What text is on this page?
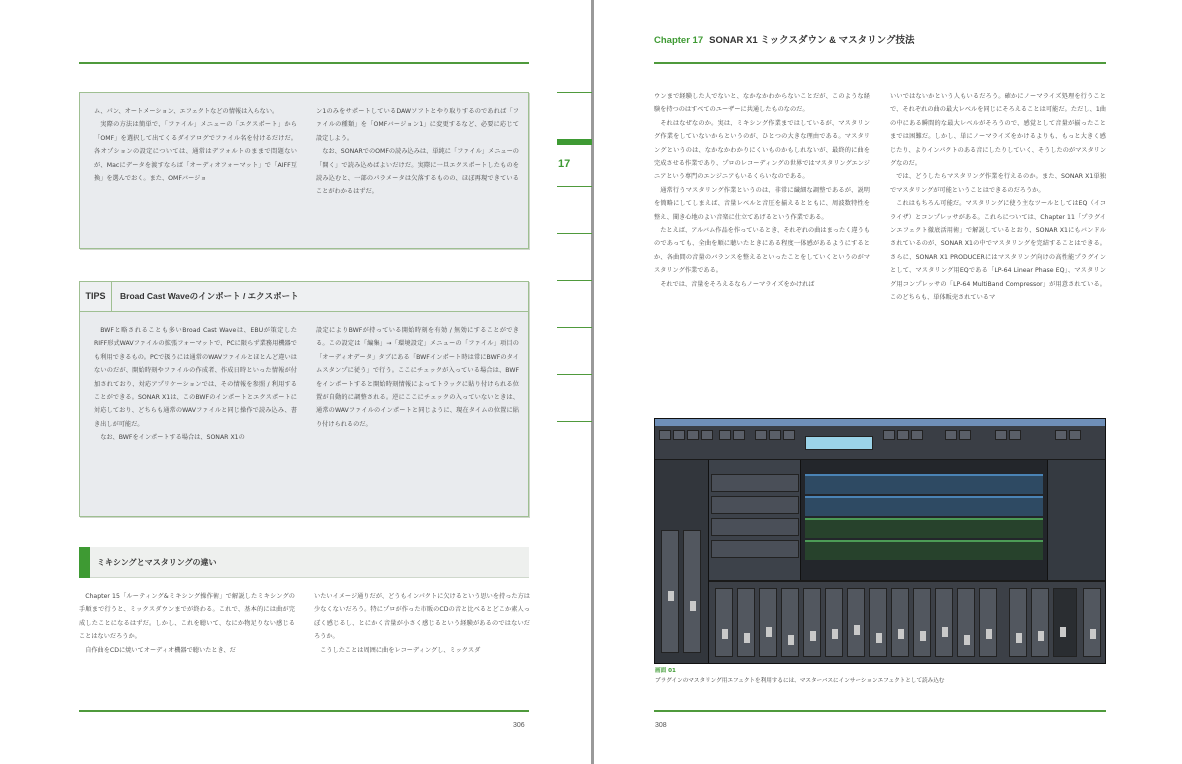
ム、パン、オートメーション、エフェクトなどの情報は入らない。

実際の方法は簡単で、「ファイル」メニューの「エクスポート」から「OMF」を選択して出てくるダイアログでファイル名を付けるだけだ。各オプションの設定については、通常はデフォルトのままで問題ないが、Macにデータを渡すならば「オーディオフォーマット」で「AIFF互換」を選んでおく。また、OMFバージョ

ン1のみをサポートしているDAWソフトとやり取りするのであれば「ファイルの種類」を「OMFバージョン1」に変更するなど、必要に応じて設定しよう。

なお、SONARでのOMFの読み込みは、単純に「ファイル」メニューの「開く」で読み込めばよいだけだ。実際に一旦エクスポートしたものを読み込むと、一部のパラメータは欠落するものの、ほぼ再現できていることがわかるはずだ。

TIPS	Broad Cast Waveのインポート / エクスポート

BWFと略されることも多いBroad Cast Waveは、EBUが策定したRIFF形式WAVファイルの拡張フォーマットで、PCに限らず業務用機器でも利用できるもの。PCで扱うには通常のWAVファイルとほとんど違いはないのだが、開始時刻やファイルの作成者、作成日時といった情報が付加されており、対応アプリケーションでは、その情報を参照 / 利用することができる。SONAR X1は、このBWFのインポートとエクスポートに対応しており、どちらも通常のWAVファイルと同じ操作で読み込み、書き出しが可能だ。

なお、BWFをインポートする場合は、SONAR X1の

設定によりBWFが持っている開始時刻を有効 / 無効にすることができる。この設定は「編集」→「環境設定」メニューの「ファイル」項目の「オーディオデータ」タブにある「BWFインポート時は常にBWFのタイムスタンプに従う」で行う。ここにチェックが入っている場合は、BWFをインポートすると開始時刻情報によってトラックに貼り付けられる位置が自動的に調整される。逆にここにチェックの入っていないときは、通常のWAVファイルのインポートと同じように、現在タイムの位置に貼り付けられるのだ。

ミキシングとマスタリングの違い

Chapter 15「ルーティング&ミキシング操作術」で解説したミキシングの手順まで行うと、ミックスダウンまでが終わる。これで、基本的には曲が完成したことになるはずだ。しかし、これを聴いて、なにか物足りない感じることはないだろうか。

自作曲をCDに焼いてオーディオ機器で聴いたとき、だ

いたいイメージ通りだが、どうもインパクトに欠けるという思いを持った方は少なくないだろう。特にプロが作った市販のCDの音と比べるとどこか素人っぽく感じるし、とにかく音量が小さく感じるという経験があるのではないだろうか。

こうしたことは周囲に曲をレコーディングし、ミックスダ

306
Chapter 17 SONAR X1 ミックスダウン & マスタリング技法
17

ウンまで経験した人でないと、なかなかわからないことだが、このような経験を持つのはすべてのユーザーに共通したものなのだ。

それはなぜなのか。実は、ミキシング作業まではしているが、マスタリング作業をしていないからというのが、ひとつの大きな理由である。マスタリングというのは、なかなかわかりにくいものかもしれないが、最終的に曲を完成させる作業であり、プロのレコーディングの世界ではマスタリングエンジニアという専門のエンジニアもいるくらいなのである。

通常行うマスタリング作業というのは、非常に繊細な調整であるが、説明を簡略にしてしまえば、音量レベルと音圧を揃えるとともに、周波数特性を整え、聞き心地のよい音楽に仕立てあげるという作業である。

たとえば、アルバム作品を作っているとき、それぞれの曲はまったく違うものであっても、全曲を順に聴いたときにある程度一体感があるようにするとか、各曲間の音量のバランスを整えるといったことをしていくというのがマスタリング作業である。

それでは、音量をそろえるならノーマライズをかければ

いいではないかという人もいるだろう。確かにノーマライズ処理を行うことで、それぞれの曲の最大レベルを同じにそろえることは可能だ。ただし、1曲の中にある瞬間的な最大レベルがそろうので、感覚として音量が揃ったことまでは困難だ。しかし、単にノーマライズをかけるよりも、もっと大きく感じたり、よりインパクトのある音にしたりしていく、そうしたのがマスタリングなのだ。

では、どうしたらマスタリング作業を行えるのか。また、SONAR X1単独でマスタリングが可能ということはできるのだろうか。

これはもちろん可能だ。マスタリングに使う主なツールとしてはEQ（イコライザ）とコンプレッサがある。これらについては、Chapter 11「プラグインエフェクト徹底活用術」で解説しているとおり、SONAR X1にもバンドルされているのが、SONAR X1の中でマスタリングを完結することはできる。さらに、SONAR X1 PRODUCERにはマスタリング向けの高性能プラグインとして、マスタリング用EQである「LP-64 Linear Phase EQ」、マスタリング用コンプレッサの「LP-64 MultiBand Compressor」が用意されている。このどちらも、単体販売されているマ

画面 01
プラグインのマスタリング用エフェクトを利用するには、マスターバスにインサーションエフェクトとして読み込む
308
